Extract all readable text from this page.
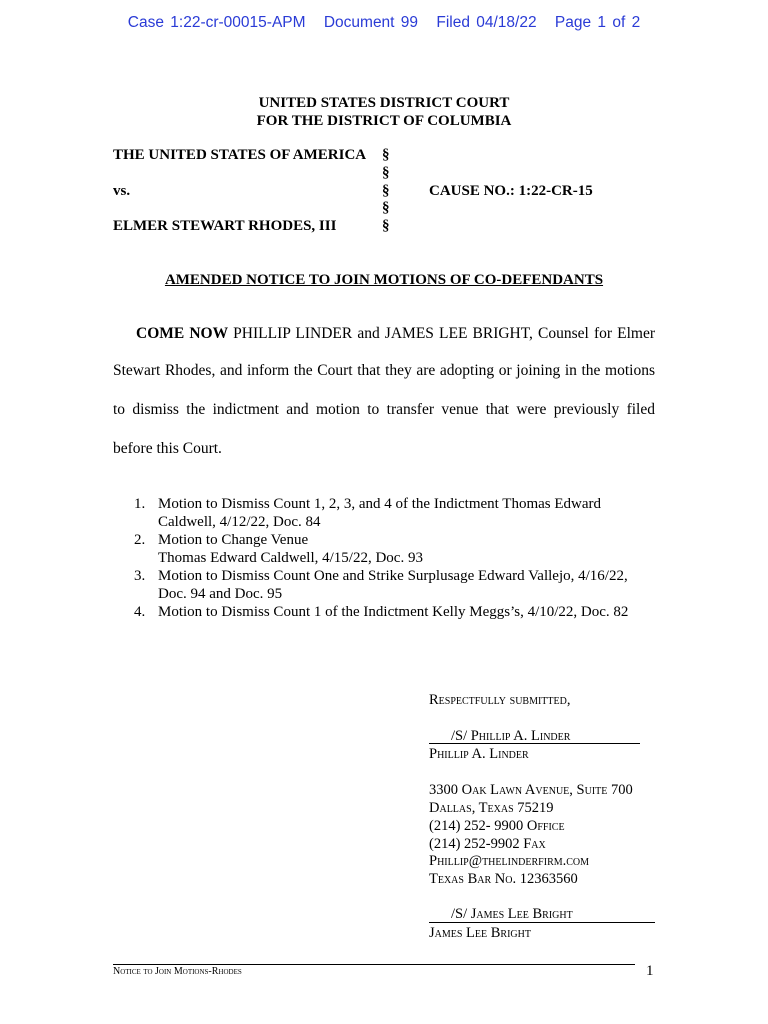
Case 1:22-cr-00015-APM Document 99 Filed 04/18/22 Page 1 of 2
UNITED STATES DISTRICT COURT
FOR THE DISTRICT OF COLUMBIA
THE UNITED STATES OF AMERICA
vs.
ELMER STEWART RHODES, III
§
§
§
§
§
CAUSE NO.: 1:22-CR-15
AMENDED NOTICE TO JOIN MOTIONS OF CO-DEFENDANTS
COME NOW PHILLIP LINDER and JAMES LEE BRIGHT, Counsel for Elmer
Stewart Rhodes, and inform the Court that they are adopting or joining in the motions
to dismiss the indictment and motion to transfer venue that were previously filed
before this Court.
1. Motion to Dismiss Count 1, 2, 3, and 4 of the Indictment Thomas Edward
Caldwell, 4/12/22, Doc. 84
2. Motion to Change Venue
Thomas Edward Caldwell, 4/15/22, Doc. 93
3. Motion to Dismiss Count One and Strike Surplusage Edward Vallejo, 4/16/22,
Doc. 94 and Doc. 95
4. Motion to Dismiss Count 1 of the Indictment Kelly Meggs’s, 4/10/22, Doc. 82
Respectfully submitted,
/S/ Phillip A. Linder
Phillip A. Linder
3300 Oak Lawn Avenue, Suite 700
Dallas, Texas 75219
(214) 252- 9900 Office
(214) 252-9902 Fax
Phillip@thelinderfirm.com
Texas Bar No. 12363560
/S/ James Lee Bright
James Lee Bright
Notice to Join Motions-Rhodes	1
